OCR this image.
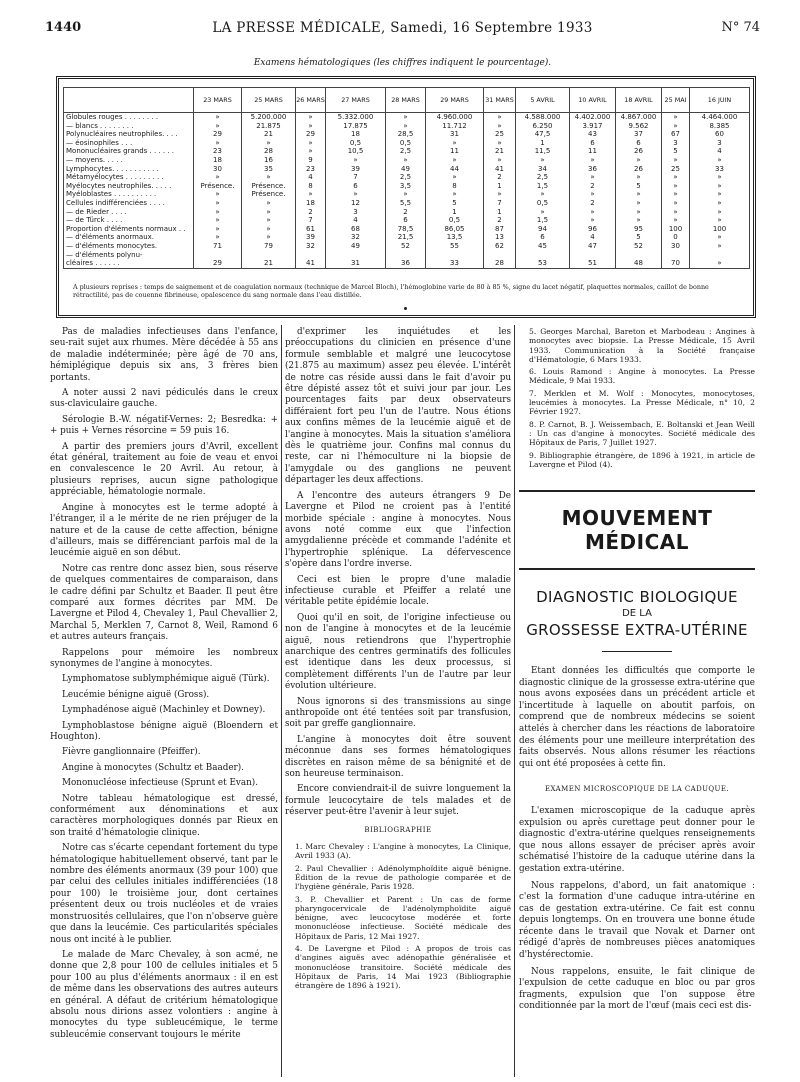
1440	LA PRESSE MÉDICALE, Samedi, 16 Septembre 1933	N° 74
Examens hématologiques (les chiffres indiquent le pourcentage).
	23 MARS	25 MARS	26 MARS	27 MARS	28 MARS	29 MARS	31 MARS	5 AVRIL	10 AVRIL	18 AVRIL	25 MAI	16 JUIN
Globules rouges . . . . . . . .	»	5.200.000	»	5.332.000	»	4.960.000	»	4.588.000	4.402.000	4.867.000	»	4.464.000
— blancs . . . . . . . .	»	21.875	»	17.875	»	11.712	»	6.250	3.917	9.562	»	8.385
Polynucléaires neutrophiles. . . .	29	21	29	18	28,5	31	25	47,5	43	37	67	60
— éosinophiles . . .	»	»	»	0,5	0,5	»	»	1	6	6	3	3
Mononucléaires grands . . . . . .	23	28	»	10,5	2,5	11	21	11,5	11	26	5	4
— moyens. . . . .	18	16	9	»	»	»	»	»	»	»	»	»
Lymphocytes. . . . . . . . . . .	30	35	23	39	49	44	41	34	36	26	25	33
Métamyélocytes . . . . . . . . .	»	»	4	7	2,5	»	2	2,5	»	»	»	»
Myélocytes neutrophiles. . . . .	Présence.	Présence.	8	6	3,5	8	1	1,5	2	5	»	»
Myéloblastes . . . . . . . . . .	»	Présence.	»	»	»	»	»	»	»	»	»	»
Cellules indifférenciées . . . .	»	»	18	12	5,5	5	7	0,5	2	»	»	»
— de Rieder . . . .	»	»	2	3	2	1	1	»	»	»	»	»
— de Türck . . . .	»	»	7	4	6	0,5	2	1,5	»	»	»	»
Proportion d'éléments normaux . .	»	»	61	68	78,5	86,05	87	94	96	95	100	100
— d'éléments anormaux.	»	»	39	32	21,5	13,5	13	6	4	5	0	»
— d'éléments monocytes.	71	79	32	49	52	55	62	45	47	52	30	»
— d'éléments polynu-												
cléaires . . . . . .	29	21	41	31	36	33	28	53	51	48	70	»
A plusieurs reprises : temps de saignement et de coagulation normaux (technique de Marcel Bloch), l'hémoglobine varie de 80 à 85 %, signe du lacet négatif, plaquettes normales, caillot de bonne rétractilité, pas de couenne fibrineuse, opalescence du sang normale dans l'eau distillée.

Pas de maladies infectieuses dans l'enfance, seu-rait sujet aux rhumes. Mère décédée à 55 ans de maladie indéterminée; père âgé de 70 ans, hémiplégique depuis six ans, 3 frères bien portants.

A noter aussi 2 navi pédiculés dans le creux sus-claviculaire gauche.

Sérologie B.-W. négatif-Vernes: 2; Besredka: + + puis + Vernes résorcine = 59 puis 16.

A partir des premiers jours d'Avril, excellent état général, traitement au foie de veau et envoi en convalescence le 20 Avril. Au retour, à plusieurs reprises, aucun signe pathologique appréciable, hématologie normale.

Angine à monocytes est le terme adopté à l'étranger, il a le mérite de ne rien préjuger de la nature et de la cause de cette affection, bénigne d'ailleurs, mais se différenciant parfois mal de la leucémie aiguë en son début.

Notre cas rentre donc assez bien, sous réserve de quelques commentaires de comparaison, dans le cadre défini par Schultz et Baader. Il peut être comparé aux formes décrites par MM. De Lavergne et Pilod 4, Chevaley 1, Paul Chevallier 2, Marchal 5, Merklen 7, Carnot 8, Weil, Ramond 6 et autres auteurs français.

Rappelons pour mémoire les nombreux synonymes de l'angine à monocytes.

Lymphomatose sublymphémique aiguë (Türk).

Leucémie bénigne aiguë (Gross).

Lymphadénose aiguë (Machinley et Downey).

Lymphoblastose bénigne aiguë (Bloendern et Houghton).

Fièvre ganglionnaire (Pfeiffer).

Angine à monocytes (Schultz et Baader).

Mononucléose infectieuse (Sprunt et Evan).

Notre tableau hématologique est dressé, conformément aux dénominations et aux caractères morphologiques donnés par Rieux en son traité d'hématologie clinique.

Notre cas s'écarte cependant fortement du type hématologique habituellement observé, tant par le nombre des éléments anormaux (39 pour 100) que par celui des cellules initiales indifférenciées (18 pour 100) le troisième jour, dont certaines présentent deux ou trois nucléoles et de vraies monstruosités cellulaires, que l'on n'observe guère que dans la leucémie. Ces particularités spéciales nous ont incité à le publier.

Le malade de Marc Chevaley, à son acmé, ne donne que 2,8 pour 100 de cellules initiales et 5 pour 100 au plus d'éléments anormaux : il en est de même dans les observations des autres auteurs en général. A défaut de critérium hématologique absolu nous dirions assez volontiers : angine à monocytes du type subleucémique, le terme subleucémie conservant toujours le mérite

d'exprimer les inquiétudes et les préoccupations du clinicien en présence d'une formule semblable et malgré une leucocytose (21.875 au maximum) assez peu élevée. L'intérêt de notre cas réside aussi dans le fait d'avoir pu être dépisté assez tôt et suivi jour par jour. Les pourcentages faits par deux observateurs différaient fort peu l'un de l'autre. Nous étions aux confins mêmes de la leucémie aiguë et de l'angine à monocytes. Mais la situation s'améliora dès le quatrième jour. Confins mal connus du reste, car ni l'hémoculture ni la biopsie de l'amygdale ou des ganglions ne peuvent départager les deux affections.

A l'encontre des auteurs étrangers 9 De Lavergne et Pilod ne croient pas à l'entité morbide spéciale : angine à monocytes. Nous avons noté comme eux que l'infection amygdalienne précède et commande l'adénite et l'hypertrophie splénique. La défervescence s'opère dans l'ordre inverse.

Ceci est bien le propre d'une maladie infectieuse curable et Pfeiffer a relaté une véritable petite épidémie locale.

Quoi qu'il en soit, de l'origine infectieuse ou non de l'angine à monocytes et de la leucémie aiguë, nous retiendrons que l'hypertrophie anarchique des centres germinatifs des follicules est identique dans les deux processus, si complètement différents l'un de l'autre par leur évolution ultérieure.

Nous ignorons si des transmissions au singe anthropoïde ont été tentées soit par transfusion, soit par greffe ganglionnaire.

L'angine à monocytes doit être souvent méconnue dans ses formes hématologiques discrètes en raison même de sa bénignité et de son heureuse terminaison.

Encore conviendrait-il de suivre longuement la formule leucocytaire de tels malades et de réserver peut-être l'avenir à leur sujet.

BIBLIOGRAPHIE

1. Marc Chevaley : L'angine à monocytes, La Clinique, Avril 1933 (A).

2. Paul Chevallier : Adénolymphoïdite aiguë bénigne. Édition de la revue de pathologie comparée et de l'hygiène générale, Paris 1928.

3. P. Chevallier et Parent : Un cas de forme pharyngocervicale de l'adénolymphoïdite aiguë bénigne, avec leucocytose modérée et forte mononucléose infectieuse. Société médicale des Hôpitaux de Paris, 12 Mai 1927.

4. De Lavergne et Pilod : A propos de trois cas d'angines aiguës avec adénopathie généralisée et mononucléose transitoire. Société médicale des Hôpitaux de Paris, 14 Mai 1923 (Bibliographie étrangère de 1896 à 1921).

5. Georges Marchal, Bareton et Marbodeau : Angines à monocytes avec biopsie. La Presse Médicale, 15 Avril 1933. Communication à la Société française d'Hématologie, 6 Mars 1933.

6. Louis Ramond : Angine à monocytes. La Presse Médicale, 9 Mai 1933.

7. Merklen et M. Wolf : Monocytes, monocytoses, leucémies à monocytes. La Presse Médicale, n° 10, 2 Février 1927.

8. P. Carnot, B. J. Weissembach, E. Boltanski et Jean Weill : Un cas d'angine à monocytes. Société médicale des Hôpitaux de Paris, 7 Juillet 1927.

9. Bibliographie étrangère, de 1896 à 1921, in article de Lavergne et Pilod (4).

MOUVEMENT MÉDICAL
DIAGNOSTIC BIOLOGIQUE
DE LA
GROSSESSE EXTRA-UTÉRINE

Etant données les difficultés que comporte le diagnostic clinique de la grossesse extra-utérine que nous avons exposées dans un précédent article et l'incertitude à laquelle on aboutit parfois, on comprend que de nombreux médecins se soient attelés à chercher dans les réactions de laboratoire des éléments pour une meilleure interprétation des faits observés. Nous allons résumer les réactions qui ont été proposées à cette fin.

EXAMEN MICROSCOPIQUE DE LA CADUQUE.

L'examen microscopique de la caduque après expulsion ou après curettage peut donner pour le diagnostic d'extra-utérine quelques renseignements que nous allons essayer de préciser après avoir schématisé l'histoire de la caduque utérine dans la gestation extra-utérine.

Nous rappelons, d'abord, un fait anatomique : c'est la formation d'une caduque intra-utérine en cas de gestation extra-utérine. Ce fait est connu depuis longtemps. On en trouvera une bonne étude récente dans le travail que Novak et Darner ont rédigé d'après de nombreuses pièces anatomiques d'hystérectomie.

Nous rappelons, ensuite, le fait clinique de l'expulsion de cette caduque en bloc ou par gros fragments, expulsion que l'on suppose être conditionnée par la mort de l'œuf (mais ceci est dis-
